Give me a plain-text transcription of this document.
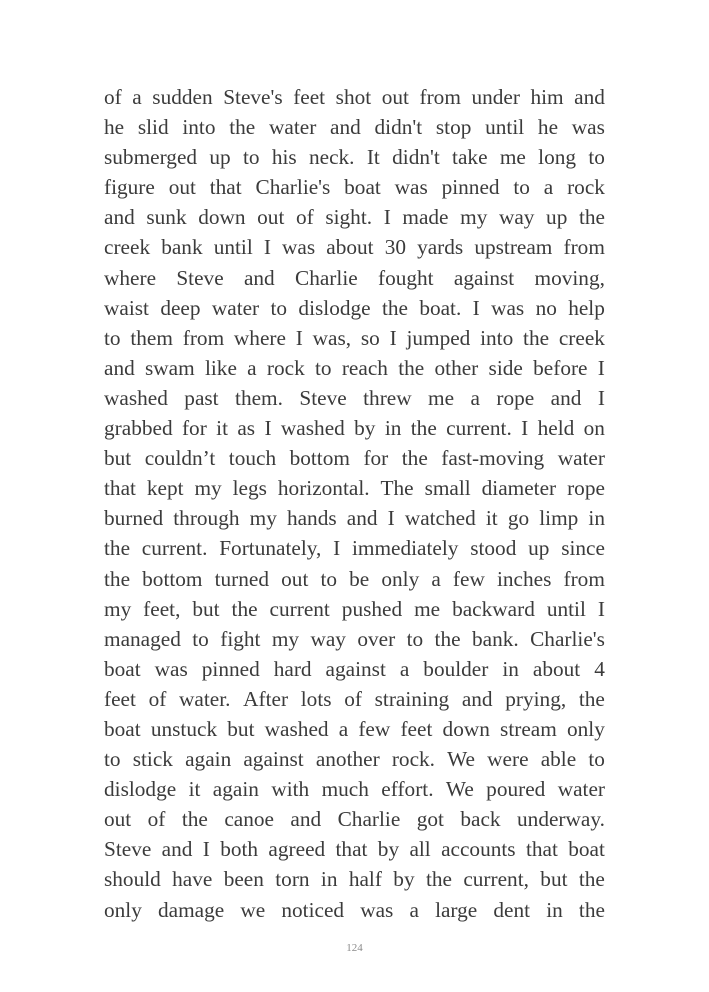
of a sudden Steve's feet shot out from under him and
he slid into the water and didn't stop until he was
submerged up to his neck. It didn't take me long to
figure out that Charlie's boat was pinned to a rock
and sunk down out of sight. I made my way up the
creek bank until I was about 30 yards upstream from
where Steve and Charlie fought against moving,
waist deep water to dislodge the boat. I was no help
to them from where I was, so I jumped into the creek
and swam like a rock to reach the other side before I
washed past them. Steve threw me a rope and I
grabbed for it as I washed by in the current. I held on
but couldn’t touch bottom for the fast-moving water
that kept my legs horizontal. The small diameter rope
burned through my hands and I watched it go limp in
the current. Fortunately, I immediately stood up since
the bottom turned out to be only a few inches from
my feet, but the current pushed me backward until I
managed to fight my way over to the bank. Charlie's
boat was pinned hard against a boulder in about 4
feet of water. After lots of straining and prying, the
boat unstuck but washed a few feet down stream only
to stick again against another rock. We were able to
dislodge it again with much effort. We poured water
out of the canoe and Charlie got back underway.
Steve and I both agreed that by all accounts that boat
should have been torn in half by the current, but the
only damage we noticed was a large dent in the
124
